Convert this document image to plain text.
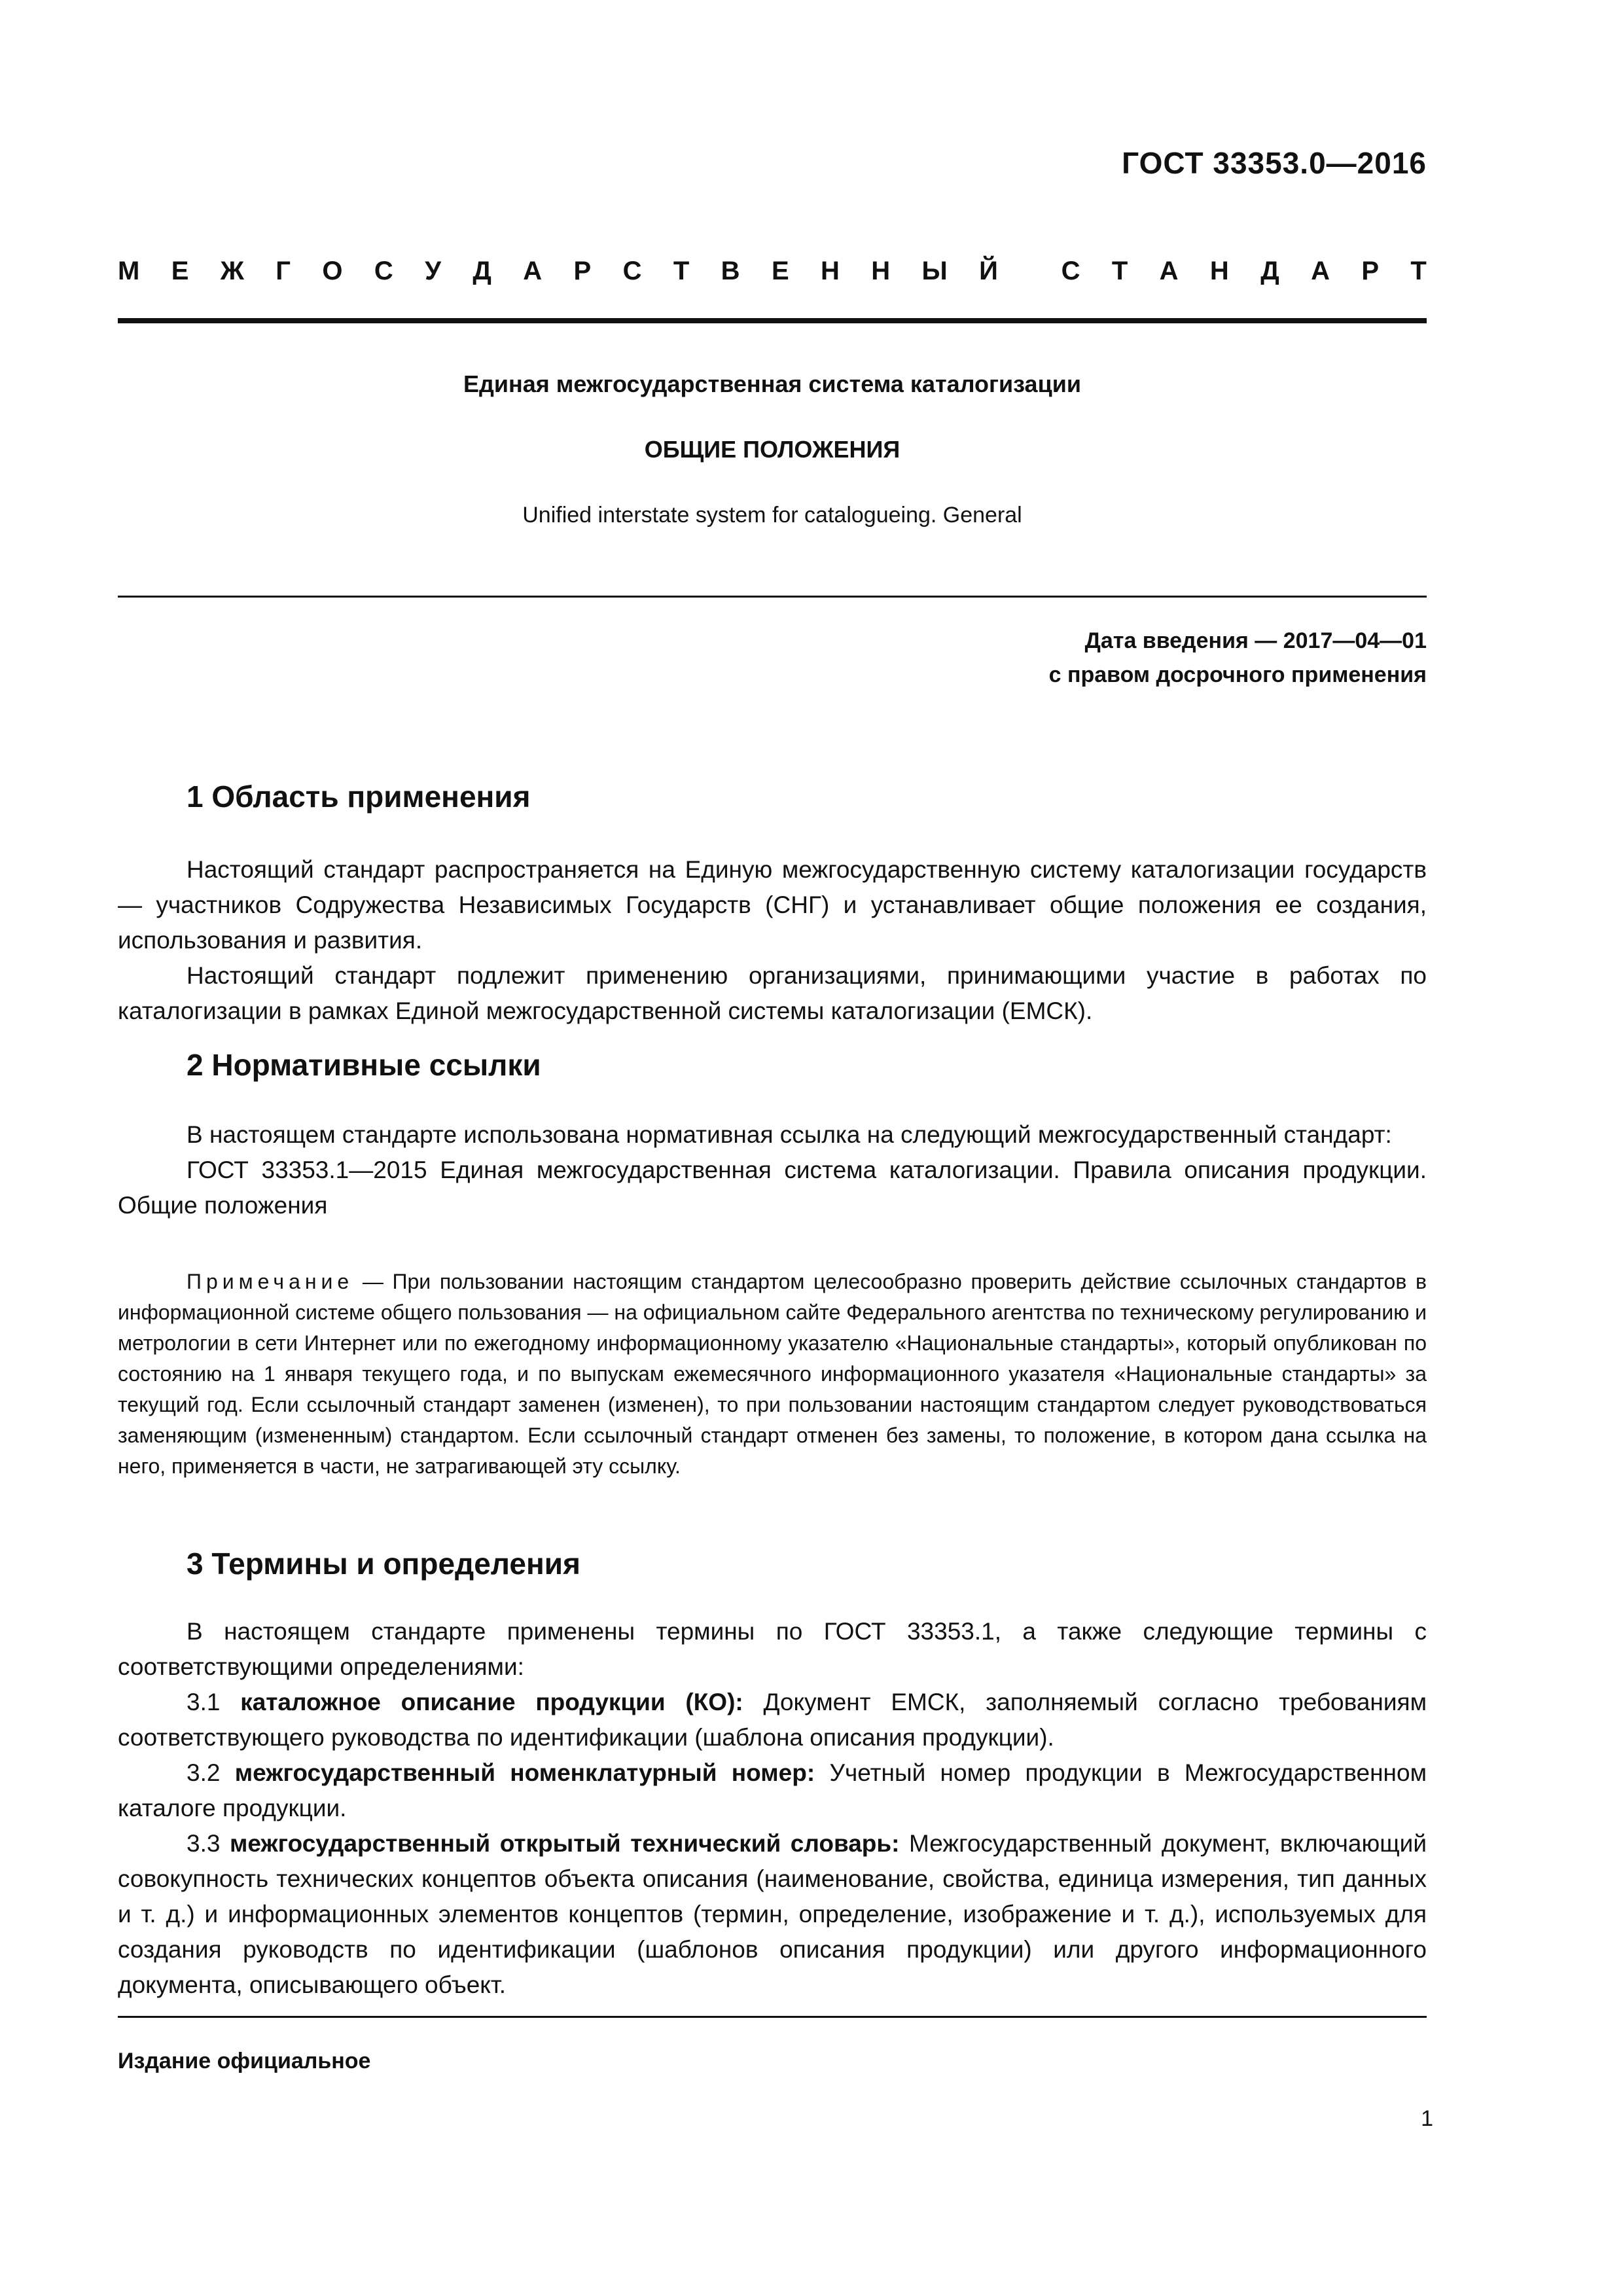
ГОСТ 33353.0—2016
М Е Ж Г О С У Д А Р С Т В Е Н Н Ы Й С Т А Н Д А Р Т
Единая межгосударственная система каталогизации
ОБЩИЕ ПОЛОЖЕНИЯ
Unified interstate system for catalogueing. General
Дата введения — 2017—04—01
с правом досрочного применения
1 Область применения

Настоящий стандарт распространяется на Единую межгосударственную систему каталогизации государств — участников Содружества Независимых Государств (СНГ) и устанавливает общие положения ее создания, использования и развития.

Настоящий стандарт подлежит применению организациями, принимающими участие в работах по каталогизации в рамках Единой межгосударственной системы каталогизации (ЕМСК).

2 Нормативные ссылки

В настоящем стандарте использована нормативная ссылка на следующий межгосударственный стандарт:

ГОСТ 33353.1—2015 Единая межгосударственная система каталогизации. Правила описания продукции. Общие положения

Примечание — При пользовании настоящим стандартом целесообразно проверить действие ссылочных стандартов в информационной системе общего пользования — на официальном сайте Федерального агентства по техническому регулированию и метрологии в сети Интернет или по ежегодному информационному указателю «Национальные стандарты», который опубликован по состоянию на 1 января текущего года, и по выпускам ежемесячного информационного указателя «Национальные стандарты» за текущий год. Если ссылочный стандарт заменен (изменен), то при пользовании настоящим стандартом следует руководствоваться заменяющим (измененным) стандартом. Если ссылочный стандарт отменен без замены, то положение, в котором дана ссылка на него, применяется в части, не затрагивающей эту ссылку.

3 Термины и определения

В настоящем стандарте применены термины по ГОСТ 33353.1, а также следующие термины с соответствующими определениями:

3.1 каталожное описание продукции (КО): Документ ЕМСК, заполняемый согласно требованиям соответствующего руководства по идентификации (шаблона описания продукции).

3.2 межгосударственный номенклатурный номер: Учетный номер продукции в Межгосударственном каталоге продукции.

3.3 межгосударственный открытый технический словарь: Межгосударственный документ, включающий совокупность технических концептов объекта описания (наименование, свойства, единица измерения, тип данных и т. д.) и информационных элементов концептов (термин, определение, изображение и т. д.), используемых для создания руководств по идентификации (шаблонов описания продукции) или другого информационного документа, описывающего объект.

Издание официальное
1
